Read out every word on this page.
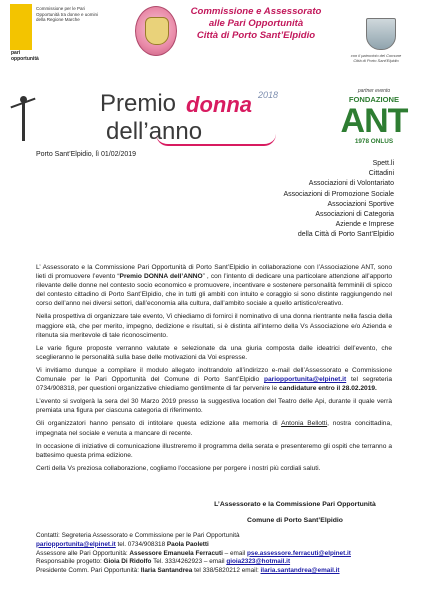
pari
opportunità
Commissione per le Pari Opportunità tra donne e uomini della Regione Marche
Commissione e Assessorato
alle Pari Opportunità
Città di Porto Sant’Elpidio
con il patrocinio del Comune
Città di Porto Sant’Elpidio
Premio donna 2018
dell’anno
partner evento
FONDAZIONE
ANT
1978 ONLUS
Porto Sant’Elpidio, lì 01/02/2019
Spett.li
Cittadini
Associazioni di Volontariato
Associazioni di Promozione Sociale
Associazioni Sportive
Associazioni di Categoria
Aziende e Imprese
della Città di Porto Sant’Elpidio

L’ Assessorato e la Commissione Pari Opportunità di Porto Sant’Elpidio in collaborazione con l’Associazione ANT, sono lieti di promuovere l’evento “Premio DONNA dell’ANNO” , con l’intento di dedicare una particolare attenzione all’apporto rilevante delle donne nel contesto socio economico e promuovere, incentivare e sostenere personalità femminili di spicco del contesto cittadino di Porto Sant’Elpidio, che in tutti gli ambiti con intuito e coraggio si sono distinte raggiungendo nel corso dell’anno nei diversi settori, dall’economia alla cultura, dall’ambito sociale a quello artistico/creativo.

Nella prospettiva di organizzare tale evento, Vi chiediamo di fornirci il nominativo di una donna rientrante nella fascia della maggiore età, che per merito, impegno, dedizione e risultati, si è distinta all’interno della Vs Associazione e/o Azienda e ritenuta sia meritevole di tale riconoscimento.

Le varie figure proposte verranno valutate e selezionate da una giuria composta dalle ideatrici dell’evento, che sceglieranno le personalità sulla base delle motivazioni da Voi espresse.

Vi invitiamo dunque a compilare il modulo allegato inoltrandolo all’indirizzo e-mail dell’Assessorato e Commissione Comunale per le Pari Opportunità del Comune di Porto Sant’Elpidio pariopportunita@elpinet.it tel segreteria 0734/908318, per questioni organizzative chiediamo gentilmente di far pervenire le candidature entro il 28.02.2019.

L’evento si svolgerà la sera del 30 Marzo 2019 presso la suggestiva location del Teatro delle Api, durante il quale verrà premiata una figura per ciascuna categoria di riferimento.

Gli organizzatori hanno pensato di intitolare questa edizione alla memoria di Antonia Bellotti, nostra concittadina, impegnata nel sociale e venuta a mancare di recente.

In occasione di iniziative di comunicazione illustreremo il programma della serata e presenteremo gli ospiti che terranno a battesimo questa prima edizione.

Certi della Vs preziosa collaborazione, cogliamo l’occasione per porgere i nostri più cordiali saluti.

L’Assessorato e la Commissione Pari Opportunità
Comune di Porto Sant’Elpidio
Contatti: Segreteria Assessorato e Commissione per le Pari Opportunità
pariopportunita@elpinet.it tel. 0734/908318 Paola Paoletti
Assessore alle Pari Opportunità: Assessore Emanuela Ferracuti – email pse.assessore.ferracuti@elpinet.it
Responsabile progetto: Gioia Di Ridolfo Tel. 333/4262923 – email gioia2323@hotmail.it
Presidente Comm. Pari Opportunità: Ilaria Santandrea tel 338/5820212 email: ilaria.santandrea@email.it
